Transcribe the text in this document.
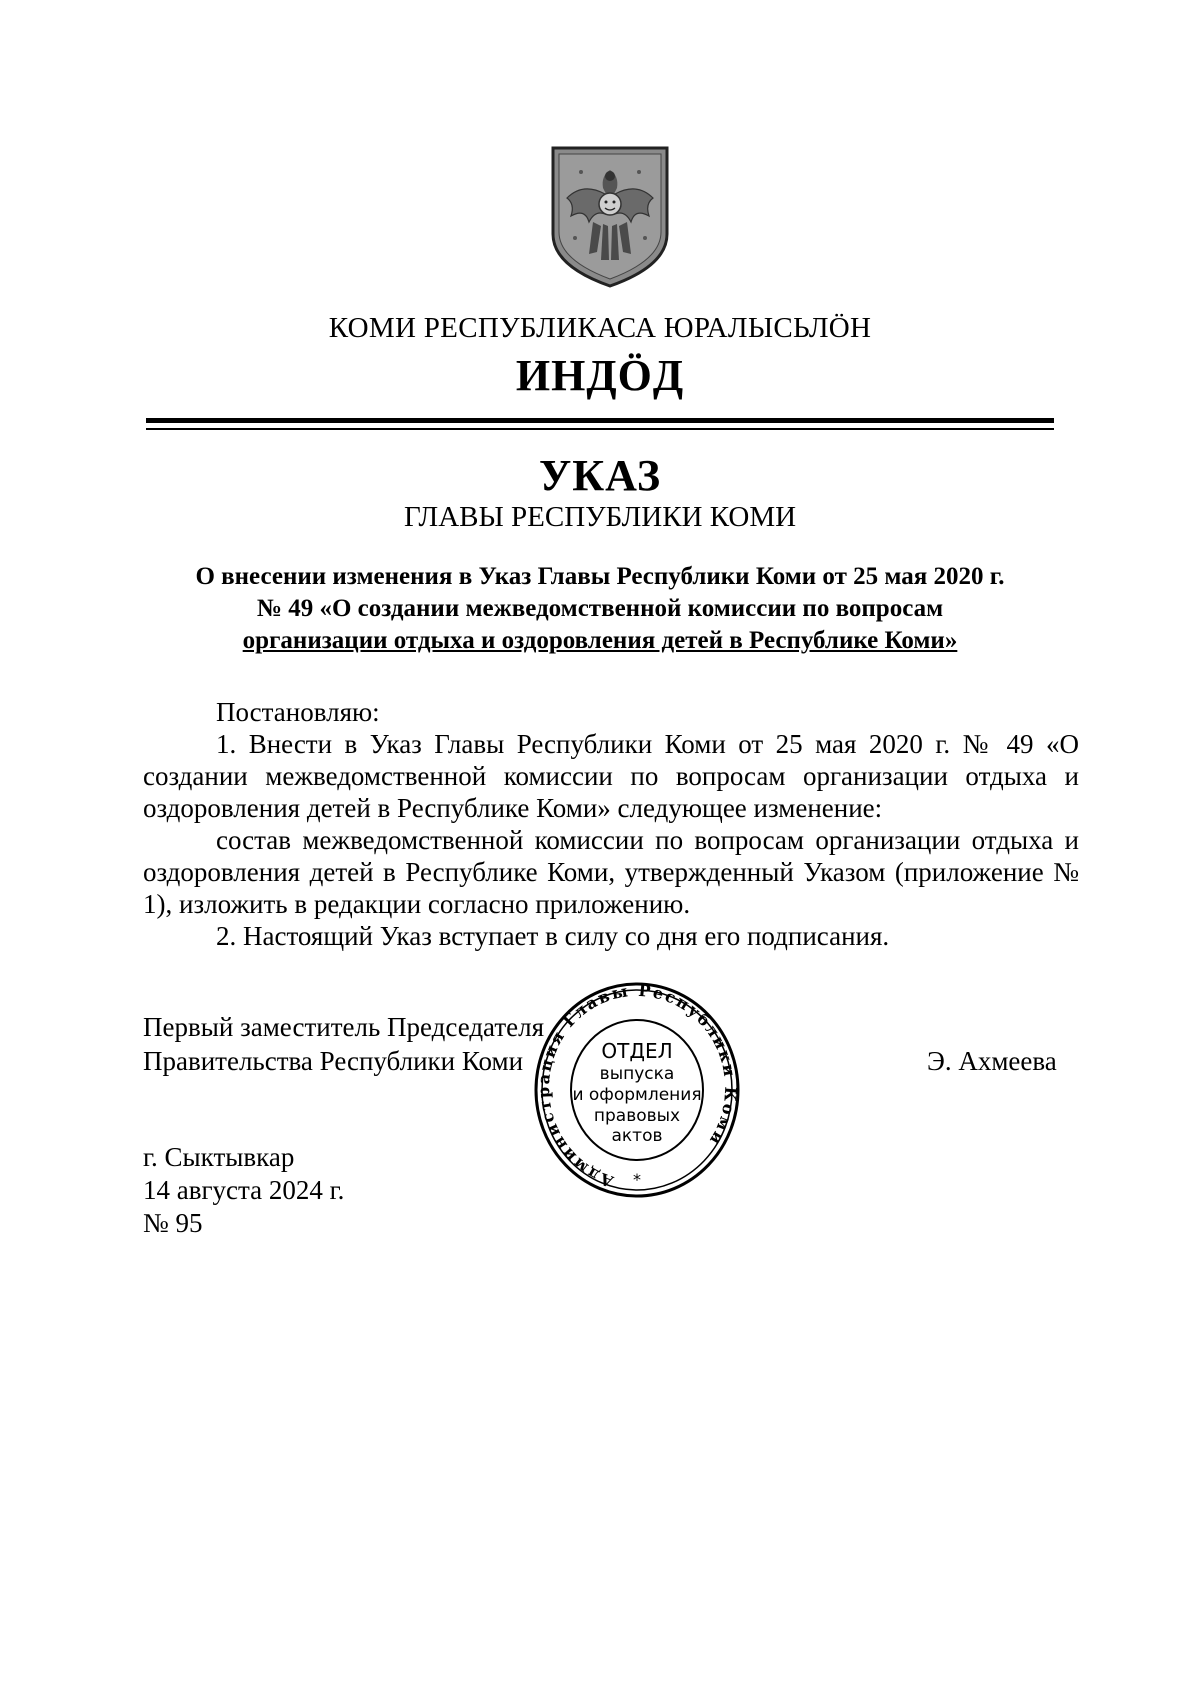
КОМИ РЕСПУБЛИКАСА ЮРАЛЫСЬЛÖН
ИНДÖД
УКАЗ
ГЛАВЫ РЕСПУБЛИКИ КОМИ
О внесении изменения в Указ Главы Республики Коми от 25 мая 2020 г.
№ 49 «О создании межведомственной комиссии по вопросам
организации отдыха и оздоровления детей в Республике Коми»

Постановляю:

1. Внести в Указ Главы Республики Коми от 25 мая 2020 г. № 49 «О создании межведомственной комиссии по вопросам организации отдыха и оздоровления детей в Республике Коми» следующее изменение:

состав межведомственной комиссии по вопросам организации отдыха и оздоровления детей в Республике Коми, утвержденный Указом (приложение № 1), изложить в редакции согласно приложению.

2. Настоящий Указ вступает в силу со дня его подписания.

Первый заместитель Председателя
Правительства Республики Коми
Администрация Главы Республики Коми
ОТДЕЛ
выпуска
и оформления
правовых
актов
*
Э. Ахмеева
г. Сыктывкар
14 августа 2024 г.
№ 95
